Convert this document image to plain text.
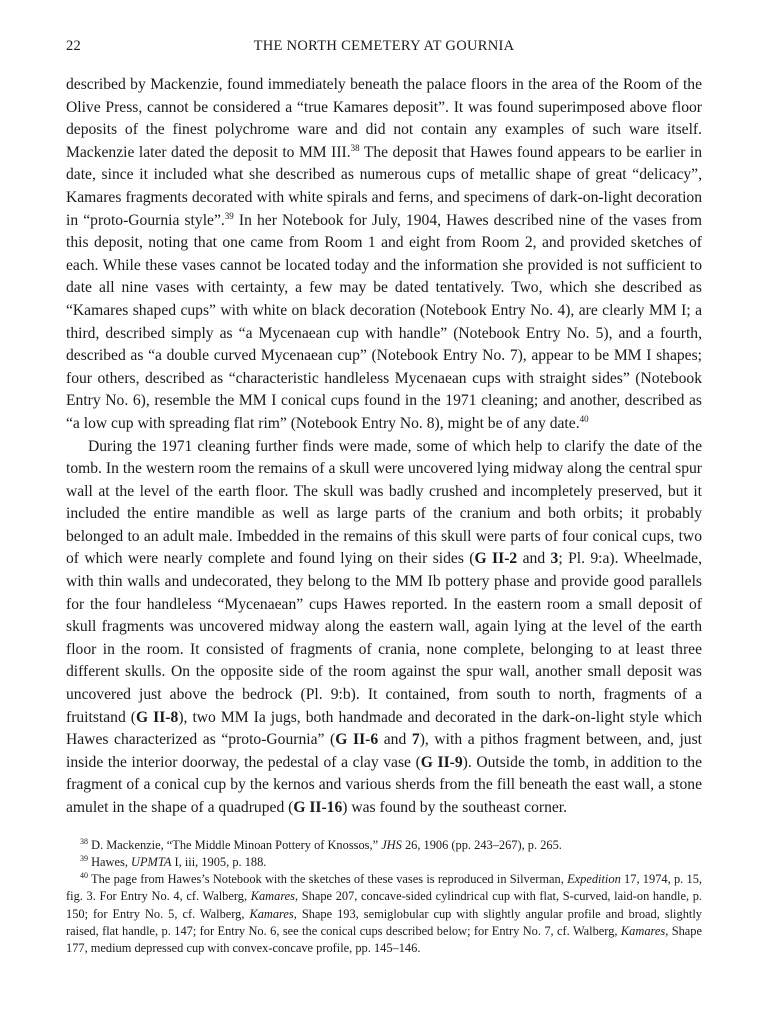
22	THE NORTH CEMETERY AT GOURNIA

described by Mackenzie, found immediately beneath the palace floors in the area of the Room of the Olive Press, cannot be considered a “true Kamares deposit”. It was found superimposed above floor deposits of the finest polychrome ware and did not contain any examples of such ware itself. Mackenzie later dated the deposit to MM III.$^{38}$ The deposit that Hawes found appears to be earlier in date, since it included what she described as numerous cups of metallic shape of great “delicacy”, Kamares fragments decorated with white spirals and ferns, and specimens of dark-on-light decoration in “proto-Gournia style”.$^{39}$ In her Notebook for July, 1904, Hawes described nine of the vases from this deposit, noting that one came from Room 1 and eight from Room 2, and provided sketches of each. While these vases cannot be located today and the information she provided is not sufficient to date all nine vases with certainty, a few may be dated tentatively. Two, which she described as “Kamares shaped cups” with white on black decoration (Notebook Entry No. 4), are clearly MM I; a third, described simply as “a Mycenaean cup with handle” (Notebook Entry No. 5), and a fourth, described as “a double curved Mycenaean cup” (Notebook Entry No. 7), appear to be MM I shapes; four others, described as “characteristic handleless Mycenaean cups with straight sides” (Notebook Entry No. 6), resemble the MM I conical cups found in the 1971 cleaning; and another, described as “a low cup with spreading flat rim” (Notebook Entry No. 8), might be of any date.$^{40}$

During the 1971 cleaning further finds were made, some of which help to clarify the date of the tomb. In the western room the remains of a skull were uncovered lying midway along the central spur wall at the level of the earth floor. The skull was badly crushed and incompletely preserved, but it included the entire mandible as well as large parts of the cranium and both orbits; it probably belonged to an adult male. Imbedded in the remains of this skull were parts of four conical cups, two of which were nearly complete and found lying on their sides (G II-2 and 3; Pl. 9:a). Wheelmade, with thin walls and undecorated, they belong to the MM Ib pottery phase and provide good parallels for the four handleless “Mycenaean” cups Hawes reported. In the eastern room a small deposit of skull fragments was uncovered midway along the eastern wall, again lying at the level of the earth floor in the room. It consisted of fragments of crania, none complete, belonging to at least three different skulls. On the opposite side of the room against the spur wall, another small deposit was uncovered just above the bedrock (Pl. 9:b). It contained, from south to north, fragments of a fruitstand (G II-8), two MM Ia jugs, both handmade and decorated in the dark-on-light style which Hawes characterized as “proto-Gournia” (G II-6 and 7), with a pithos fragment between, and, just inside the interior doorway, the pedestal of a clay vase (G II-9). Outside the tomb, in addition to the fragment of a conical cup by the kernos and various sherds from the fill beneath the east wall, a stone amulet in the shape of a quadruped (G II-16) was found by the southeast corner.

$^{38}$ D. Mackenzie, “The Middle Minoan Pottery of Knossos,” JHS 26, 1906 (pp. 243–267), p. 265.

$^{39}$ Hawes, UPMTA I, iii, 1905, p. 188.

$^{40}$ The page from Hawes’s Notebook with the sketches of these vases is reproduced in Silverman, Expedition 17, 1974, p. 15, fig. 3. For Entry No. 4, cf. Walberg, Kamares, Shape 207, concave-sided cylindrical cup with flat, S-curved, laid-on handle, p. 150; for Entry No. 5, cf. Walberg, Kamares, Shape 193, semiglobular cup with slightly angular profile and broad, slightly raised, flat handle, p. 147; for Entry No. 6, see the conical cups described below; for Entry No. 7, cf. Walberg, Kamares, Shape 177, medium depressed cup with convex-concave profile, pp. 145–146.
